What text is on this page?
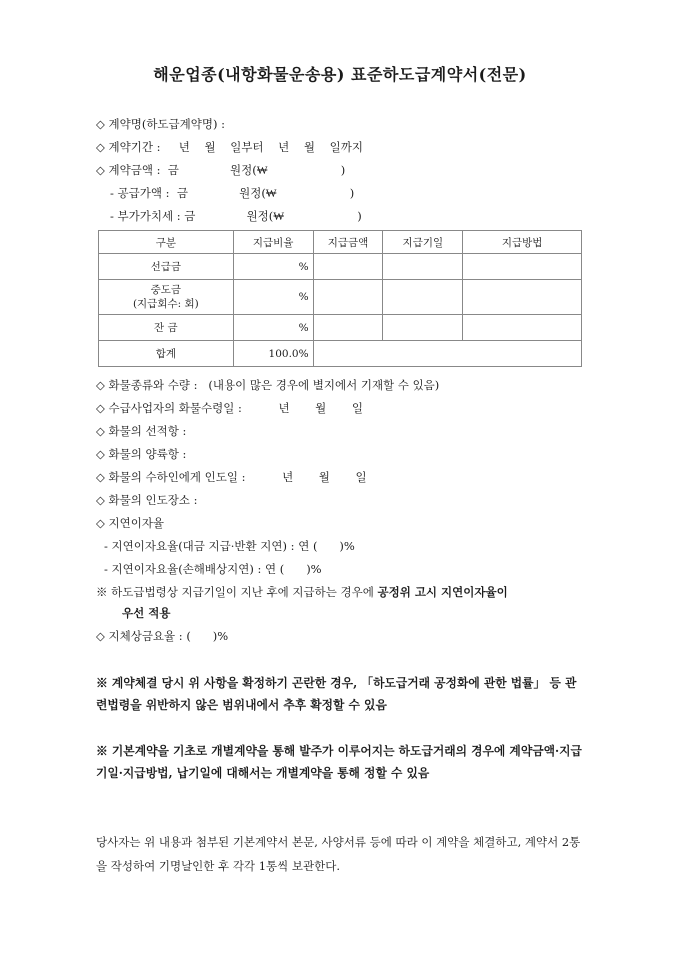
해운업종(내항화물운송용) 표준하도급계약서(전문)
◇ 계약명(하도급계약명) :
◇ 계약기간 :     년    월    일부터    년    월    일까지
◇ 계약금액 :  금              원정(₩                    )
- 공급가액 :  금              원정(₩                    )
- 부가가치세 : 금              원정(₩                    )
구분	지급비율	지급금액	지급기일	지급방법
선급금	%			

중도금
(지급회수: 회)	%			
잔 금	%			
합계	100.0%			
◇ 화물종류와 수량 :   (내용이 많은 경우에 별지에서 기재할 수 있음)
◇ 수급사업자의 화물수령일 :          년       월       일
◇ 화물의 선적항 :
◇ 화물의 양륙항 :
◇ 화물의 수하인에게 인도일 :          년       월       일
◇ 화물의 인도장소 :
◇ 지연이자율
- 지연이자요율(대금 지급·반환 지연) : 연 (      )%
- 지연이자요율(손해배상지연) : 연 (      )%
※ 하도급법령상 지급기일이 지난 후에 지급하는 경우에 공정위 고시 지연이자율이
우선 적용
◇ 지체상금요율 : (      )%
※ 계약체결 당시 위 사항을 확정하기 곤란한 경우, 「하도급거래 공정화에 관한 법률」 등 관련법령을 위반하지 않은 범위내에서 추후 확정할 수 있음
※ 기본계약을 기초로 개별계약을 통해 발주가 이루어지는 하도급거래의 경우에 계약금액·지급기일·지급방법, 납기일에 대해서는 개별계약을 통해 정할 수 있음
당사자는 위 내용과 첨부된 기본계약서 본문, 사양서류 등에 따라 이 계약을 체결하고, 계약서 2통을 작성하여 기명날인한 후 각각 1통씩 보관한다.
